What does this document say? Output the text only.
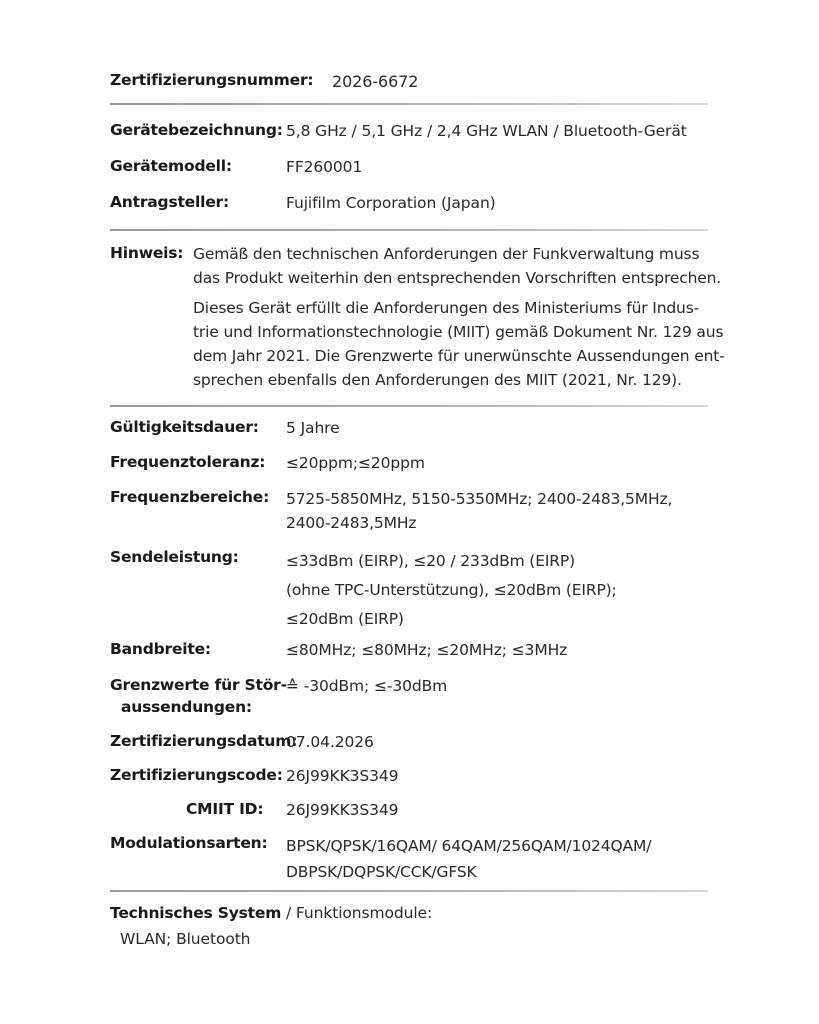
Zertifizierungsnummer: 2026-6672
Gerätebezeichnung: 5,8 GHz / 5,1 GHz / 2,4 GHz WLAN / Bluetooth-Gerät
Gerätemodell:	FF260001
Antragsteller:	Fujifilm Corporation (Japan)
Hinweis: Gemäß den technischen Anforderungen der Funkverwaltung muss
das Produkt weiterhin den entsprechenden Vorschriften entsprechen.
Dieses Gerät erfüllt die Anforderungen des Ministeriums für Indus-
trie und Informationstechnologie (MIIT) gemäß Dokument Nr. 129 aus
dem Jahr 2021. Die Grenzwerte für unerwünschte Aussendungen ent-
sprechen ebenfalls den Anforderungen des MIIT (2021, Nr. 129).
Gültigkeitsdauer: 5 Jahre
Frequenztoleranz: ≤20ppm;≤20ppm
Frequenzbereiche: 5725-5850MHz, 5150-5350MHz; 2400-2483,5MHz,
2400-2483,5MHz
Sendeleistung:	≤33dBm (EIRP), ≤20 / 233dBm (EIRP)
(ohne TPC-Unterstützung), ≤20dBm (EIRP);
≤20dBm (EIRP)
Bandbreite:	≤80MHz; ≤80MHz; ≤20MHz; ≤3MHz
Grenzwerte für Stör-
aussendungen:
≙ -30dBm; ≤-30dBm
Zertifizierungsdatum:
07.04.2026
Zertifizierungscode: 26J99KK3S349
CMIIT ID: 26J99KK3S349
Modulationsarten: BPSK/QPSK/16QAM/ 64QAM/256QAM/1024QAM/
DBPSK/DQPSK/CCK/GFSK
Technisches System / Funktionsmodule:
WLAN; Bluetooth
